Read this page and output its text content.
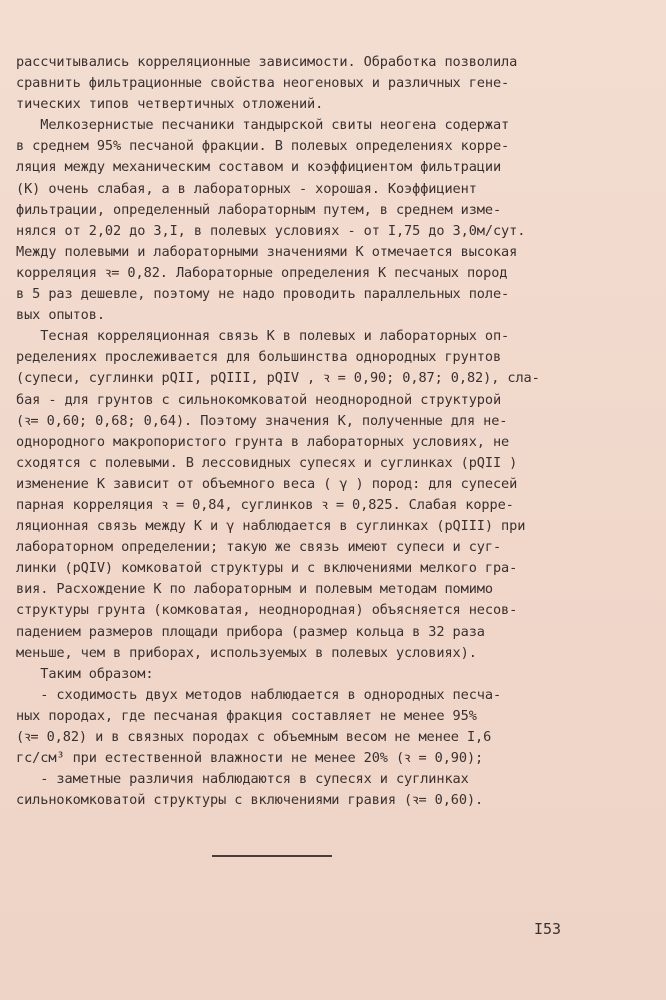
рассчитывались корреляционные зависимости. Обработка позволила
сравнить фильтрационные свойства неогеновых и различных гене-
тических типов четвертичных отложений.
Мелкозернистые песчаники тандырской свиты неогена содержат
в среднем 95% песчаной фракции. В полевых определениях корре-
ляция между механическим составом и коэффициентом фильтрации
(К) очень слабая, а в лабораторных - хорошая. Коэффициент
фильтрации, определенный лабораторным путем, в среднем изме-
нялся от 2,02 до 3,I, в полевых условиях - от I,75 до 3,0м/сут.
Между полевыми и лабораторными значениями К отмечается высокая
корреляция ꝛ= 0,82. Лабораторные определения К песчаных пород
в 5 раз дешевле, поэтому не надо проводить параллельных поле-
вых опытов.
Тесная корреляционная связь К в полевых и лабораторных оп-
ределениях прослеживается для большинства однородных грунтов
(супеси, суглинки pQII, pQIII, pQIV , ꝛ = 0,90; 0,87; 0,82), сла-
бая - для грунтов с сильнокомковатой неоднородной структурой
(ꝛ= 0,60; 0,68; 0,64). Поэтому значения К, полученные для не-
однородного макропористого грунта в лабораторных условиях, не
сходятся с полевыми. В лессовидных супесях и суглинках (pQII )
изменение К зависит от объемного веса ( γ ) пород: для супесей
парная корреляция ꝛ = 0,84, суглинков ꝛ = 0,825. Слабая корре-
ляционная связь между К и γ наблюдается в суглинках (pQIII) при
лабораторном определении; такую же связь имеют супеси и суг-
линки (pQIV) комковатой структуры и с включениями мелкого гра-
вия. Расхождение К по лабораторным и полевым методам помимо
структуры грунта (комковатая, неоднородная) объясняется несов-
падением размеров площади прибора (размер кольца в 32 раза
меньше, чем в приборах, используемых в полевых условиях).
Таким образом:
- сходимость двух методов наблюдается в однородных песча-
ных породах, где песчаная фракция составляет не менее 95%
(ꝛ= 0,82) и в связных породах с объемным весом не менее I,6
гс/см³ при естественной влажности не менее 20% (ꝛ = 0,90);
- заметные различия наблюдаются в супесях и суглинках
сильнокомковатой структуры с включениями гравия (ꝛ= 0,60).
I53
